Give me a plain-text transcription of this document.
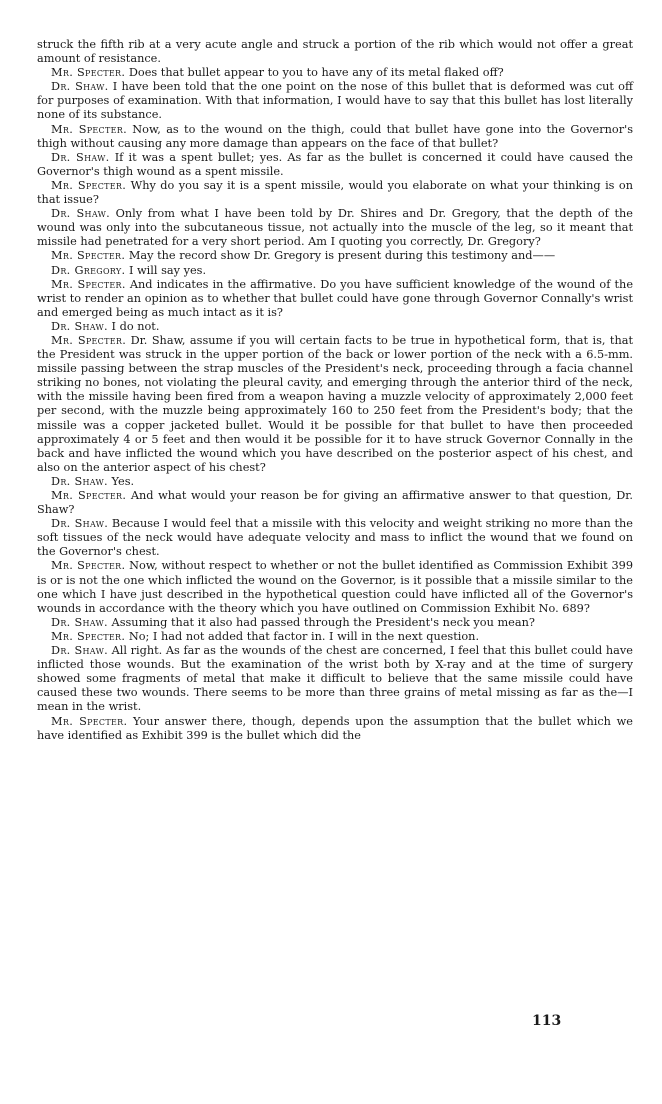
struck the fifth rib at a very acute angle and struck a portion of the rib which would not offer a great amount of resistance.

Mr. Specter. Does that bullet appear to you to have any of its metal flaked off?

Dr. Shaw. I have been told that the one point on the nose of this bullet that is deformed was cut off for purposes of examination. With that information, I would have to say that this bullet has lost literally none of its substance.

Mr. Specter. Now, as to the wound on the thigh, could that bullet have gone into the Governor's thigh without causing any more damage than appears on the face of that bullet?

Dr. Shaw. If it was a spent bullet; yes. As far as the bullet is concerned it could have caused the Governor's thigh wound as a spent missile.

Mr. Specter. Why do you say it is a spent missile, would you elaborate on what your thinking is on that issue?

Dr. Shaw. Only from what I have been told by Dr. Shires and Dr. Gregory, that the depth of the wound was only into the subcutaneous tissue, not actually into the muscle of the leg, so it meant that missile had penetrated for a very short period. Am I quoting you correctly, Dr. Gregory?

Mr. Specter. May the record show Dr. Gregory is present during this testimony and——

Dr. Gregory. I will say yes.

Mr. Specter. And indicates in the affirmative. Do you have sufficient knowledge of the wound of the wrist to render an opinion as to whether that bullet could have gone through Governor Connally's wrist and emerged being as much intact as it is?

Dr. Shaw. I do not.

Mr. Specter. Dr. Shaw, assume if you will certain facts to be true in hypothetical form, that is, that the President was struck in the upper portion of the back or lower portion of the neck with a 6.5-mm. missile passing between the strap muscles of the President's neck, proceeding through a facia channel striking no bones, not violating the pleural cavity, and emerging through the anterior third of the neck, with the missile having been fired from a weapon having a muzzle velocity of approximately 2,000 feet per second, with the muzzle being approximately 160 to 250 feet from the President's body; that the missile was a copper jacketed bullet. Would it be possible for that bullet to have then proceeded approximately 4 or 5 feet and then would it be possible for it to have struck Governor Connally in the back and have inflicted the wound which you have described on the posterior aspect of his chest, and also on the anterior aspect of his chest?

Dr. Shaw. Yes.

Mr. Specter. And what would your reason be for giving an affirmative answer to that question, Dr. Shaw?

Dr. Shaw. Because I would feel that a missile with this velocity and weight striking no more than the soft tissues of the neck would have adequate velocity and mass to inflict the wound that we found on the Governor's chest.

Mr. Specter. Now, without respect to whether or not the bullet identified as Commission Exhibit 399 is or is not the one which inflicted the wound on the Governor, is it possible that a missile similar to the one which I have just described in the hypothetical question could have inflicted all of the Governor's wounds in accordance with the theory which you have outlined on Commission Exhibit No. 689?

Dr. Shaw. Assuming that it also had passed through the President's neck you mean?

Mr. Specter. No; I had not added that factor in. I will in the next question.

Dr. Shaw. All right. As far as the wounds of the chest are concerned, I feel that this bullet could have inflicted those wounds. But the examination of the wrist both by X-ray and at the time of surgery showed some fragments of metal that make it difficult to believe that the same missile could have caused these two wounds. There seems to be more than three grains of metal missing as far as the—I mean in the wrist.

Mr. Specter. Your answer there, though, depends upon the assumption that the bullet which we have identified as Exhibit 399 is the bullet which did the

113
